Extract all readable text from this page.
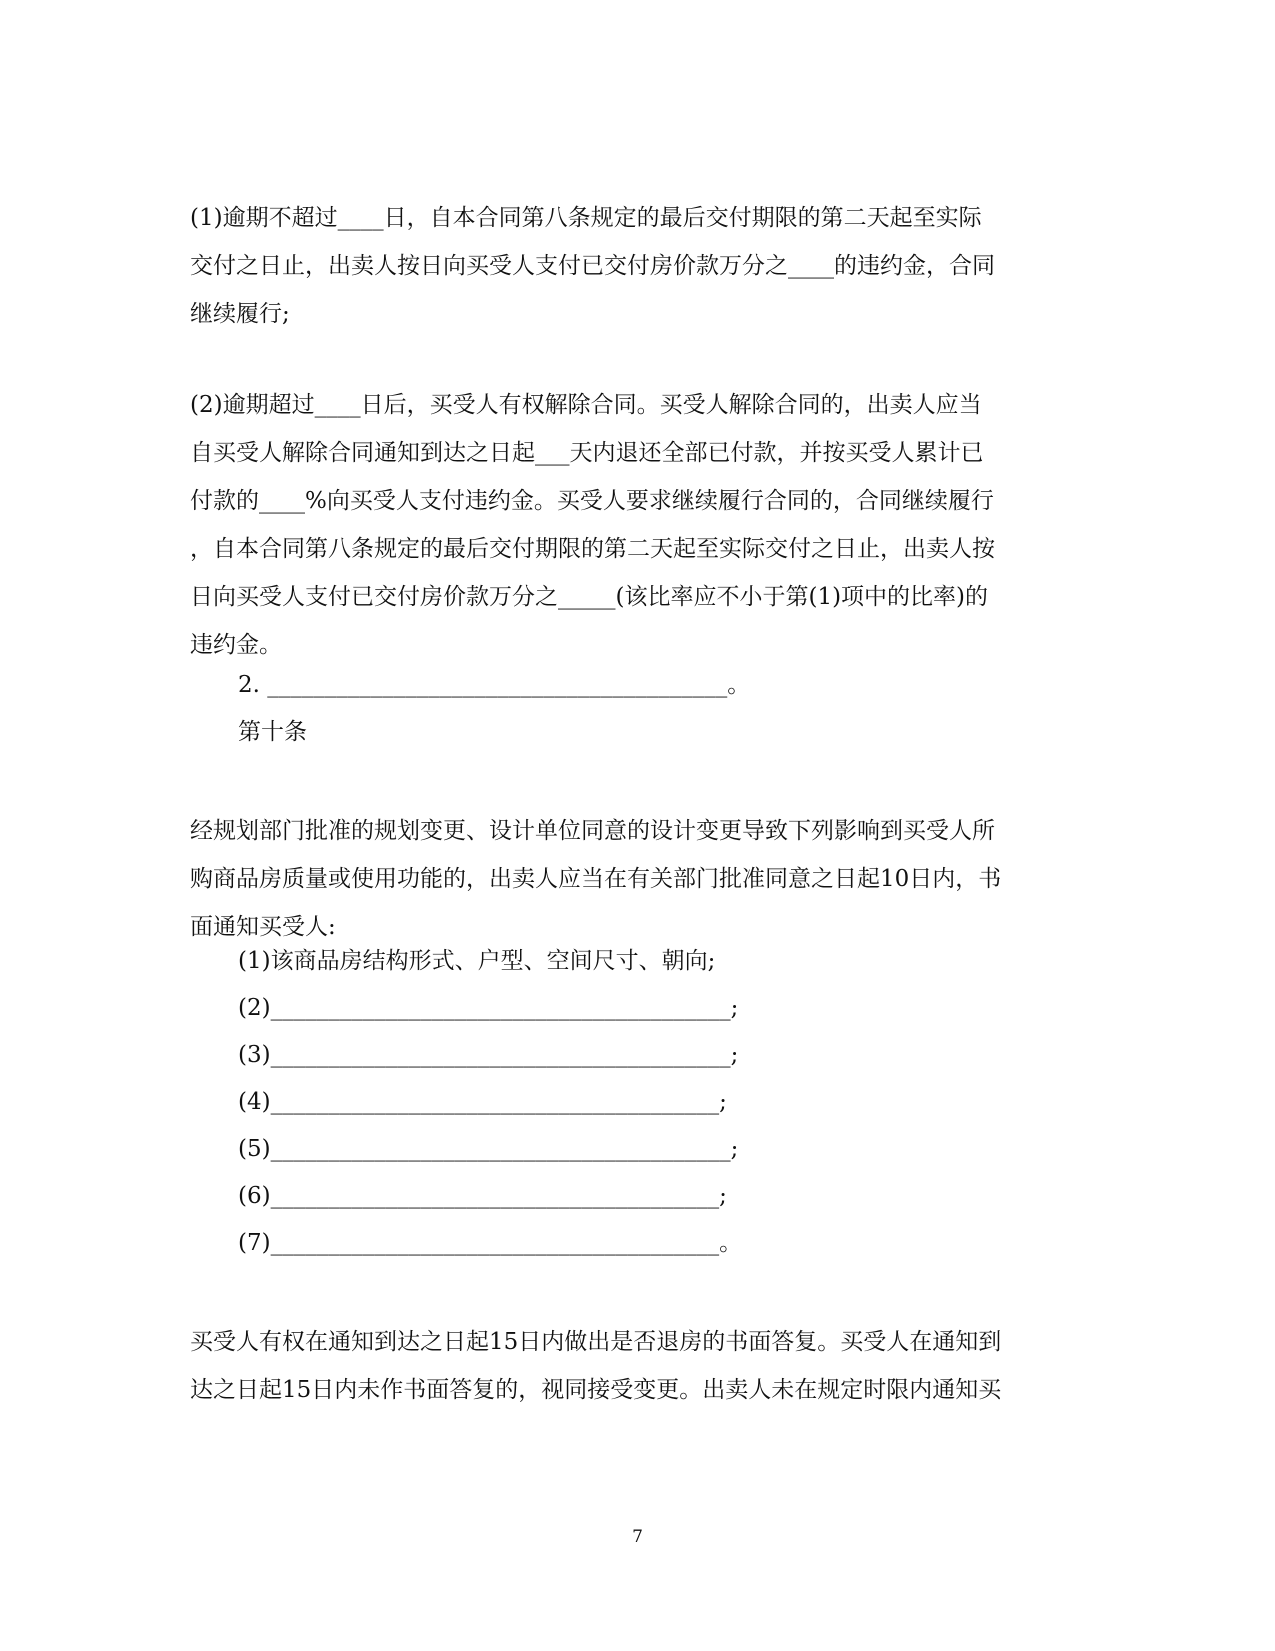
(1)逾期不超过____日，自本合同第八条规定的最后交付期限的第二天起至实际
交付之日止，出卖人按日向买受人支付已交付房价款万分之____的违约金，合同
继续履行;
(2)逾期超过____日后，买受人有权解除合同。买受人解除合同的，出卖人应当
自买受人解除合同通知到达之日起___天内退还全部已付款，并按买受人累计已
付款的____%向买受人支付违约金。买受人要求继续履行合同的，合同继续履行
，自本合同第八条规定的最后交付期限的第二天起至实际交付之日止，出卖人按
日向买受人支付已交付房价款万分之_____(该比率应不小于第(1)项中的比率)的
违约金。
2. ________________________________________。
第十条
经规划部门批准的规划变更、设计单位同意的设计变更导致下列影响到买受人所
购商品房质量或使用功能的，出卖人应当在有关部门批准同意之日起10日内，书
面通知买受人:
(1)该商品房结构形式、户型、空间尺寸、朝向;
(2)________________________________________;
(3)________________________________________;
(4)_______________________________________;
(5)________________________________________;
(6)_______________________________________;
(7)_______________________________________。
买受人有权在通知到达之日起15日内做出是否退房的书面答复。买受人在通知到
达之日起15日内未作书面答复的，视同接受变更。出卖人未在规定时限内通知买
7
